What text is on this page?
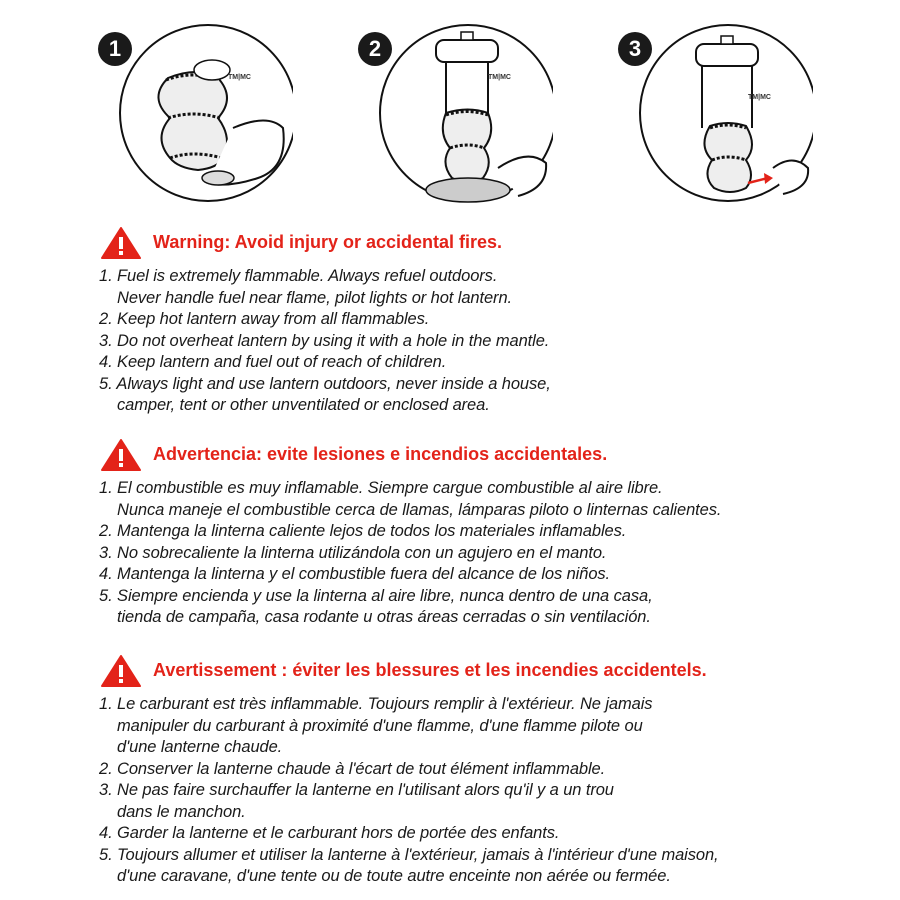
1
TM|MC
2
TM|MC
3
TM|MC
Warning: Avoid injury or accidental fires.
1. Fuel is extremely flammable. Always refuel outdoors.
Never handle fuel near flame, pilot lights or hot lantern.
2. Keep hot lantern away from all flammables.
3. Do not overheat lantern by using it with a hole in the mantle.
4. Keep lantern and fuel out of reach of children.
5. Always light and use lantern outdoors, never inside a house,
camper, tent or other unventilated or enclosed area.
Advertencia: evite lesiones e incendios accidentales.
1. El combustible es muy inflamable. Siempre cargue combustible al aire libre.
Nunca maneje el combustible cerca de llamas, lámparas piloto o linternas calientes.
2. Mantenga la linterna caliente lejos de todos los materiales inflamables.
3. No sobrecaliente la linterna utilizándola con un agujero en el manto.
4. Mantenga la linterna y el combustible fuera del alcance de los niños.
5. Siempre encienda y use la linterna al aire libre, nunca dentro de una casa,
tienda de campaña, casa rodante u otras áreas cerradas o sin ventilación.
Avertissement : éviter les blessures et les incendies accidentels.
1. Le carburant est très inflammable. Toujours remplir à l'extérieur. Ne jamais
manipuler du carburant à proximité d'une flamme, d'une flamme pilote ou
d'une lanterne chaude.
2. Conserver la lanterne chaude à l'écart de tout élément inflammable.
3. Ne pas faire surchauffer la lanterne en l'utilisant alors qu'il y a un trou
dans le manchon.
4. Garder la lanterne et le carburant hors de portée des enfants.
5. Toujours allumer et utiliser la lanterne à l'extérieur, jamais à l'intérieur d'une maison,
d'une caravane, d'une tente ou de toute autre enceinte non aérée ou fermée.
